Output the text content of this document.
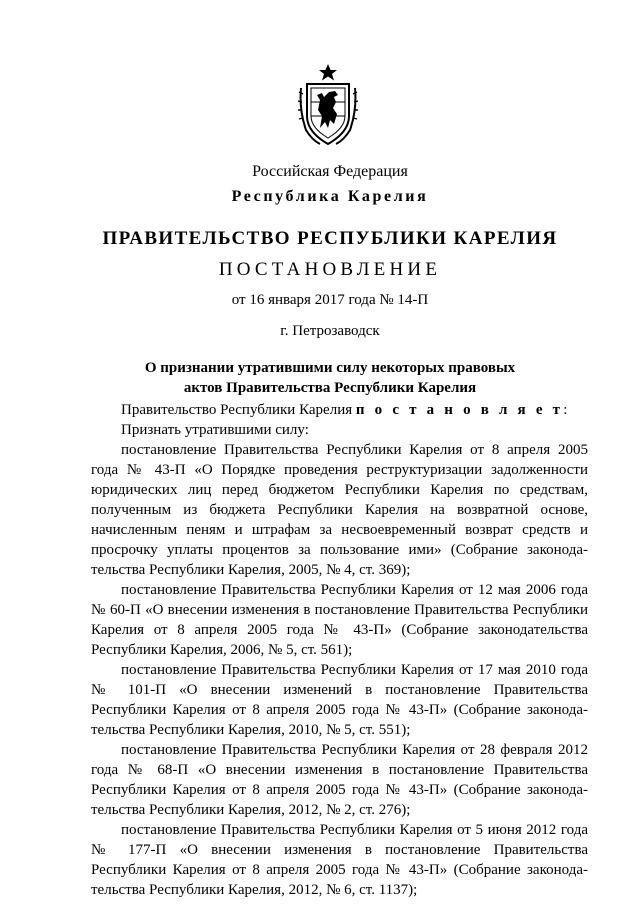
Российская Федерация
Республика Карелия
ПРАВИТЕЛЬСТВО РЕСПУБЛИКИ КАРЕЛИЯ
ПОСТАНОВЛЕНИЕ
от 16 января 2017 года № 14-П
г. Петрозаводск
О признании утратившими силу некоторых правовых
актов Правительства Республики Карелия

Правительство Республики Карелия п о с т а н о в л я е т:

Признать утратившими силу:

постановление Правительства Республики Карелия от 8 апреля 2005 года № 43-П «О Порядке проведения реструктуризации задолженности юридических лиц перед бюджетом Республики Карелия по средствам, полученным из бюджета Республики Карелия на возвратной основе, начисленным пеням и штрафам за несвоевременный возврат средств и просрочку уплаты процентов за пользование ими» (Собрание законодательства Республики Карелия, 2005, № 4, ст. 369);

постановление Правительства Республики Карелия от 12 мая 2006 года № 60-П «О внесении изменения в постановление Правительства Республики Карелия от 8 апреля 2005 года № 43-П» (Собрание законодательства Республики Карелия, 2006, № 5, ст. 561);

постановление Правительства Республики Карелия от 17 мая 2010 года № 101-П «О внесении изменений в постановление Правительства Республики Карелия от 8 апреля 2005 года № 43-П» (Собрание законодательства Республики Карелия, 2010, № 5, ст. 551);

постановление Правительства Республики Карелия от 28 февраля 2012 года № 68-П «О внесении изменения в постановление Правительства Республики Карелия от 8 апреля 2005 года № 43-П» (Собрание законодательства Республики Карелия, 2012, № 2, ст. 276);

постановление Правительства Республики Карелия от 5 июня 2012 года № 177-П «О внесении изменения в постановление Правительства Республики Карелия от 8 апреля 2005 года № 43-П» (Собрание законодательства Республики Карелия, 2012, № 6, ст. 1137);
